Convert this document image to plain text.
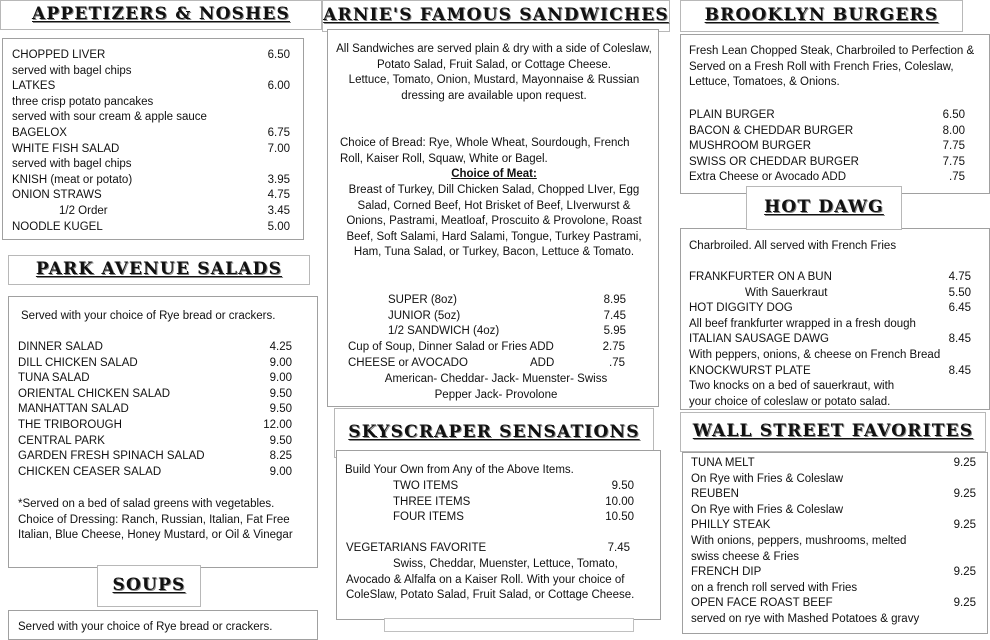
APPETIZERS & NOSHES
CHOPPED LIVER	6.50
served with bagel chips
LATKES	6.00
three crisp potato pancakes
served with sour cream & apple sauce
BAGELOX	6.75
WHITE FISH SALAD	7.00
served with bagel chips
KNISH (meat or potato)	3.95
ONION STRAWS	4.75
1/2 Order	3.45
NOODLE KUGEL	5.00
PARK AVENUE SALADS
Served with your choice of Rye bread or crackers.
DINNER SALAD	4.25
DILL CHICKEN SALAD	9.00
TUNA SALAD	9.00
ORIENTAL CHICKEN SALAD	9.50
MANHATTAN SALAD	9.50
THE TRIBOROUGH	12.00
CENTRAL PARK	9.50
GARDEN FRESH SPINACH SALAD	8.25
CHICKEN CEASER SALAD	9.00
*Served on a bed of salad greens with vegetables.
Choice of Dressing: Ranch, Russian, Italian, Fat Free Italian, Blue Cheese, Honey Mustard, or Oil & Vinegar
SOUPS
Served with your choice of Rye bread or crackers.
ARNIE'S FAMOUS SANDWICHES
All Sandwiches are served plain & dry with a side of Coleslaw, Potato Salad, Fruit Salad, or Cottage Cheese.
Lettuce, Tomato, Onion, Mustard, Mayonnaise & Russian dressing are available upon request.
Choice of Bread: Rye, Whole Wheat, Sourdough, French Roll, Kaiser Roll, Squaw, White or Bagel.
Choice of Meat:
Breast of Turkey, Dill Chicken Salad, Chopped LIver, Egg Salad, Corned Beef, Hot Brisket of Beef, LIverwurst & Onions, Pastrami, Meatloaf, Proscuito & Provolone, Roast Beef, Soft Salami, Hard Salami, Tongue, Turkey Pastrami, Ham, Tuna Salad, or Turkey, Bacon, Lettuce & Tomato.
SUPER (8oz)	8.95
JUNIOR (5oz)	7.45
1/2 SANDWICH (4oz)	5.95
Cup of Soup, Dinner Salad or Fries ADD	2.75
CHEESE or AVOCADO	ADD	.75
American- Cheddar- Jack- Muenster- Swiss Pepper Jack- Provolone
SKYSCRAPER SENSATIONS
Build Your Own from Any of the Above Items.
TWO ITEMS	9.50
THREE ITEMS	10.00
FOUR ITEMS	10.50
VEGETARIANS FAVORITE	7.45
Swiss, Cheddar, Muenster, Lettuce, Tomato, Avocado & Alfalfa on a Kaiser Roll. With your choice of ColeSlaw, Potato Salad, Fruit Salad, or Cottage Cheese.
BROOKLYN BURGERS
Fresh Lean Chopped Steak, Charbroiled to Perfection & Served on a Fresh Roll with French Fries, Coleslaw, Lettuce, Tomatoes, & Onions.
PLAIN BURGER	6.50
BACON & CHEDDAR BURGER	8.00
MUSHROOM BURGER	7.75
SWISS OR CHEDDAR BURGER	7.75
Extra Cheese or Avocado ADD	.75
Charbroiled. All served with French Fries
FRANKFURTER ON A BUN	4.75
With Sauerkraut	5.50
HOT DIGGITY DOG	6.45
All beef frankfurter wrapped in a fresh dough
ITALIAN SAUSAGE DAWG	8.45
With peppers, onions, & cheese on French Bread
KNOCKWURST PLATE	8.45
Two knocks on a bed of sauerkraut, with
your choice of coleslaw or potato salad.
HOT DAWG
WALL STREET FAVORITES
TUNA MELT	9.25
On Rye with Fries & Coleslaw
REUBEN	9.25
On Rye with Fries & Coleslaw
PHILLY STEAK	9.25
With onions, peppers, mushrooms, melted
swiss cheese & Fries
FRENCH DIP	9.25
on a french roll served with Fries
OPEN FACE ROAST BEEF	9.25
served on rye with Mashed Potatoes & gravy
